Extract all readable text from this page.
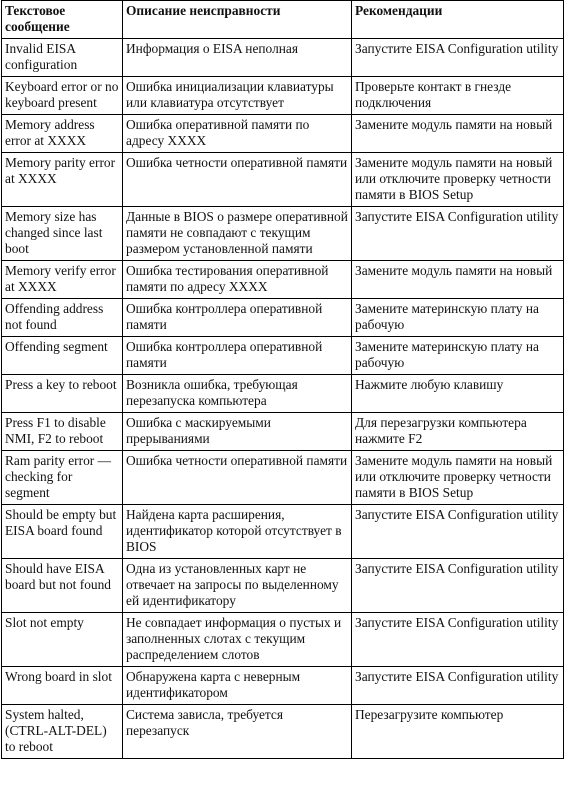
Текстовое сообщение	Описание неисправности	Рекомендации
Invalid EISA configuration	Информация о EISA неполная	Запустите EISA Configuration utility
Keyboard error or no keyboard present	Ошибка инициализации клавиатуры или клавиатура отсутствует	Проверьте контакт в гнезде подключения
Memory address error at XXXX	Ошибка оперативной памяти по адресу XXXX	Замените модуль памяти на новый
Memory parity error at XXXX	Ошибка четности оперативной памяти	Замените модуль памяти на новый или отключите проверку четности памяти в BIOS Setup
Memory size has changed since last boot	Данные в BIOS о размере оперативной памяти не совпадают с текущим размером установленной памяти	Запустите EISA Configuration utility
Memory verify error at XXXX	Ошибка тестирования оперативной памяти по адресу XXXX	Замените модуль памяти на новый
Offending address not found	Ошибка контроллера оперативной памяти	Замените материнскую плату на рабочую
Offending segment	Ошибка контроллера оперативной памяти	Замените материнскую плату на рабочую
Press a key to reboot	Возникла ошибка, требующая перезапуска компьютера	Нажмите любую клавишу
Press F1 to disable NMI, F2 to reboot	Ошибка с маскируемыми прерываниями	Для перезагрузки компьютера нажмите F2
Ram parity error — checking for segment	Ошибка четности оперативной памяти	Замените модуль памяти на новый или отключите проверку четности памяти в BIOS Setup
Should be empty but EISA board found	Найдена карта расширения, идентификатор которой отсутствует в BIOS	Запустите EISA Configuration utility
Should have EISA board but not found	Одна из установленных карт не отвечает на запросы по выделенному ей идентификатору	Запустите EISA Configuration utility
Slot not empty	Не совпадает информация о пустых и заполненных слотах с текущим распределением слотов	Запустите EISA Configuration utility
Wrong board in slot	Обнаружена карта с неверным идентификатором	Запустите EISA Configuration utility
System halted, (CTRL-ALT-DEL) to reboot	Система зависла, требуется перезапуск	Перезагрузите компьютер
